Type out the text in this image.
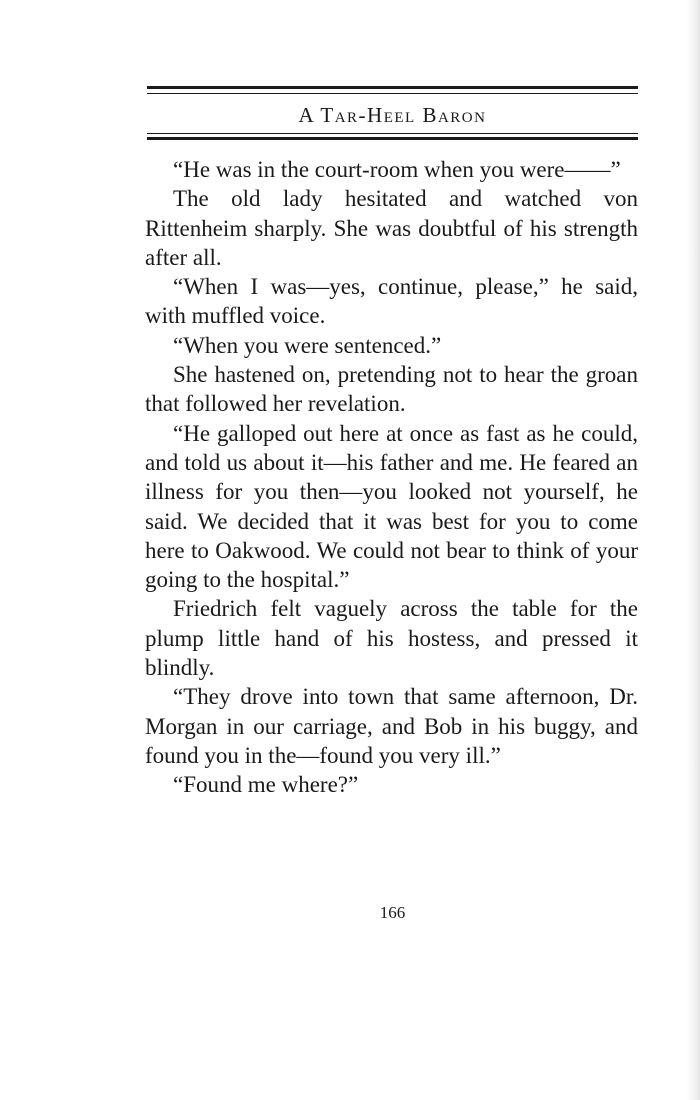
A Tar-Heel Baron

“He was in the court-room when you were——”

The old lady hesitated and watched von Rittenheim sharply. She was doubtful of his strength after all.

“When I was—yes, continue, please,” he said, with muffled voice.

“When you were sentenced.”

She hastened on, pretending not to hear the groan that followed her revelation.

“He galloped out here at once as fast as he could, and told us about it—his father and me. He feared an illness for you then—you looked not yourself, he said. We decided that it was best for you to come here to Oakwood. We could not bear to think of your going to the hospital.”

Friedrich felt vaguely across the table for the plump little hand of his hostess, and pressed it blindly.

“They drove into town that same afternoon, Dr. Morgan in our carriage, and Bob in his buggy, and found you in the—found you very ill.”

“Found me where?”

166
